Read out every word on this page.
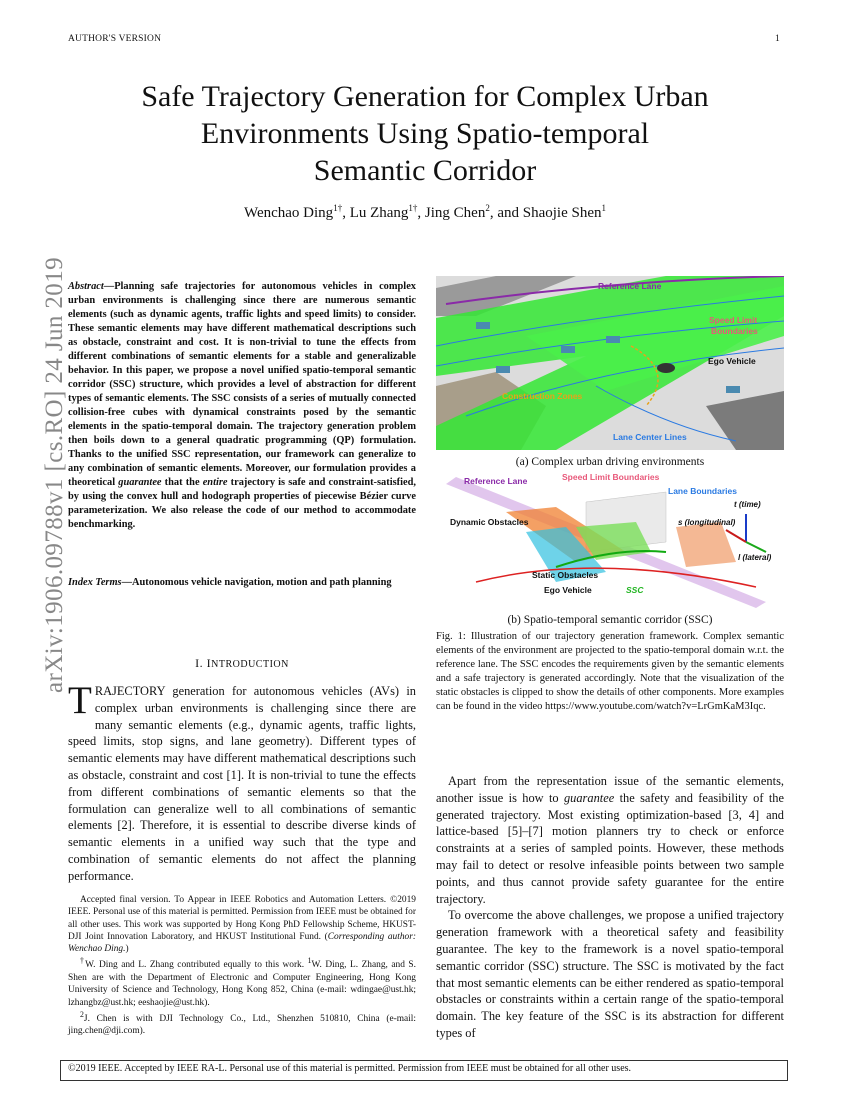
AUTHOR'S VERSION	1
arXiv:1906.09788v1 [cs.RO] 24 Jun 2019
Safe Trajectory Generation for Complex Urban
Environments Using Spatio-temporal
Semantic Corridor
Wenchao Ding$^{1\dagger}$, Lu Zhang$^{1\dagger}$, Jing Chen$^2$, and Shaojie Shen$^1$
Abstract—Planning safe trajectories for autonomous vehicles in complex urban environments is challenging since there are numerous semantic elements (such as dynamic agents, traffic lights and speed limits) to consider. These semantic elements may have different mathematical descriptions such as obstacle, constraint and cost. It is non-trivial to tune the effects from different combinations of semantic elements for a stable and generalizable behavior. In this paper, we propose a novel unified spatio-temporal semantic corridor (SSC) structure, which provides a level of abstraction for different types of semantic elements. The SSC consists of a series of mutually connected collision-free cubes with dynamical constraints posed by the semantic elements in the spatio-temporal domain. The trajectory generation problem then boils down to a general quadratic programming (QP) formulation. Thanks to the unified SSC representation, our framework can generalize to any combination of semantic elements. Moreover, our formulation provides a theoretical guarantee that the entire trajectory is safe and constraint-satisfied, by using the convex hull and hodograph properties of piecewise Bézier curve parameterization. We also release the code of our method to accommodate benchmarking.
Index Terms—Autonomous vehicle navigation, motion and path planning
I. INTRODUCTION
TRAJECTORY generation for autonomous vehicles (AVs) in complex urban environments is challenging since there are many semantic elements (e.g., dynamic agents, traffic lights, speed limits, stop signs, and lane geometry). Different types of semantic elements may have different mathematical descriptions such as obstacle, constraint and cost [1]. It is non-trivial to tune the effects from different combinations of semantic elements so that the formulation can generalize well to all combinations of semantic elements [2]. Therefore, it is essential to describe diverse kinds of semantic elements in a unified way such that the type and combination of semantic elements do not affect the planning performance.

Accepted final version. To Appear in IEEE Robotics and Automation Letters. ©2019 IEEE. Personal use of this material is permitted. Permission from IEEE must be obtained for all other uses. This work was supported by Hong Kong PhD Fellowship Scheme, HKUST-DJI Joint Innovation Laboratory, and HKUST Institutional Fund. (Corresponding author: Wenchao Ding.)

†W. Ding and L. Zhang contributed equally to this work. $^1$W. Ding, L. Zhang, and S. Shen are with the Department of Electronic and Computer Engineering, Hong Kong University of Science and Technology, Hong Kong 852, China (e-mail: wdingae@ust.hk; lzhangbz@ust.hk; eeshaojie@ust.hk).

$^2$J. Chen is with DJI Technology Co., Ltd., Shenzhen 510810, China (e-mail: jing.chen@dji.com).

Reference Lane
Speed Limit
Boundaries
Ego Vehicle
Construction Zones
Lane Center Lines
(a) Complex urban driving environments
Reference Lane	Speed Limit Boundaries
Lane Boundaries
t (time)
s (longitudinal)
l (lateral)
Dynamic Obstacles
Static Obstacles
Ego Vehicle	SSC
(b) Spatio-temporal semantic corridor (SSC)
Fig. 1: Illustration of our trajectory generation framework. Complex semantic elements of the environment are projected to the spatio-temporal domain w.r.t. the reference lane. The SSC encodes the requirements given by the semantic elements and a safe trajectory is generated accordingly. Note that the visualization of the static obstacles is clipped to show the details of other components. More examples can be found in the video https://www.youtube.com/watch?v=LrGmKaM3Iqc.

Apart from the representation issue of the semantic elements, another issue is how to guarantee the safety and feasibility of the generated trajectory. Most existing optimization-based [3, 4] and lattice-based [5]–[7] motion planners try to check or enforce constraints at a series of sampled points. However, these methods may fail to detect or resolve infeasible points between two sample points, and thus cannot provide safety guarantee for the entire trajectory.

To overcome the above challenges, we propose a unified trajectory generation framework with a theoretical safety and feasibility guarantee. The key to the framework is a novel spatio-temporal semantic corridor (SSC) structure. The SSC is motivated by the fact that most semantic elements can be either rendered as spatio-temporal obstacles or constraints within a certain range of the spatio-temporal domain. The key feature of the SSC is its abstraction for different types of

©2019 IEEE. Accepted by IEEE RA-L. Personal use of this material is permitted. Permission from IEEE must be obtained for all other uses.
